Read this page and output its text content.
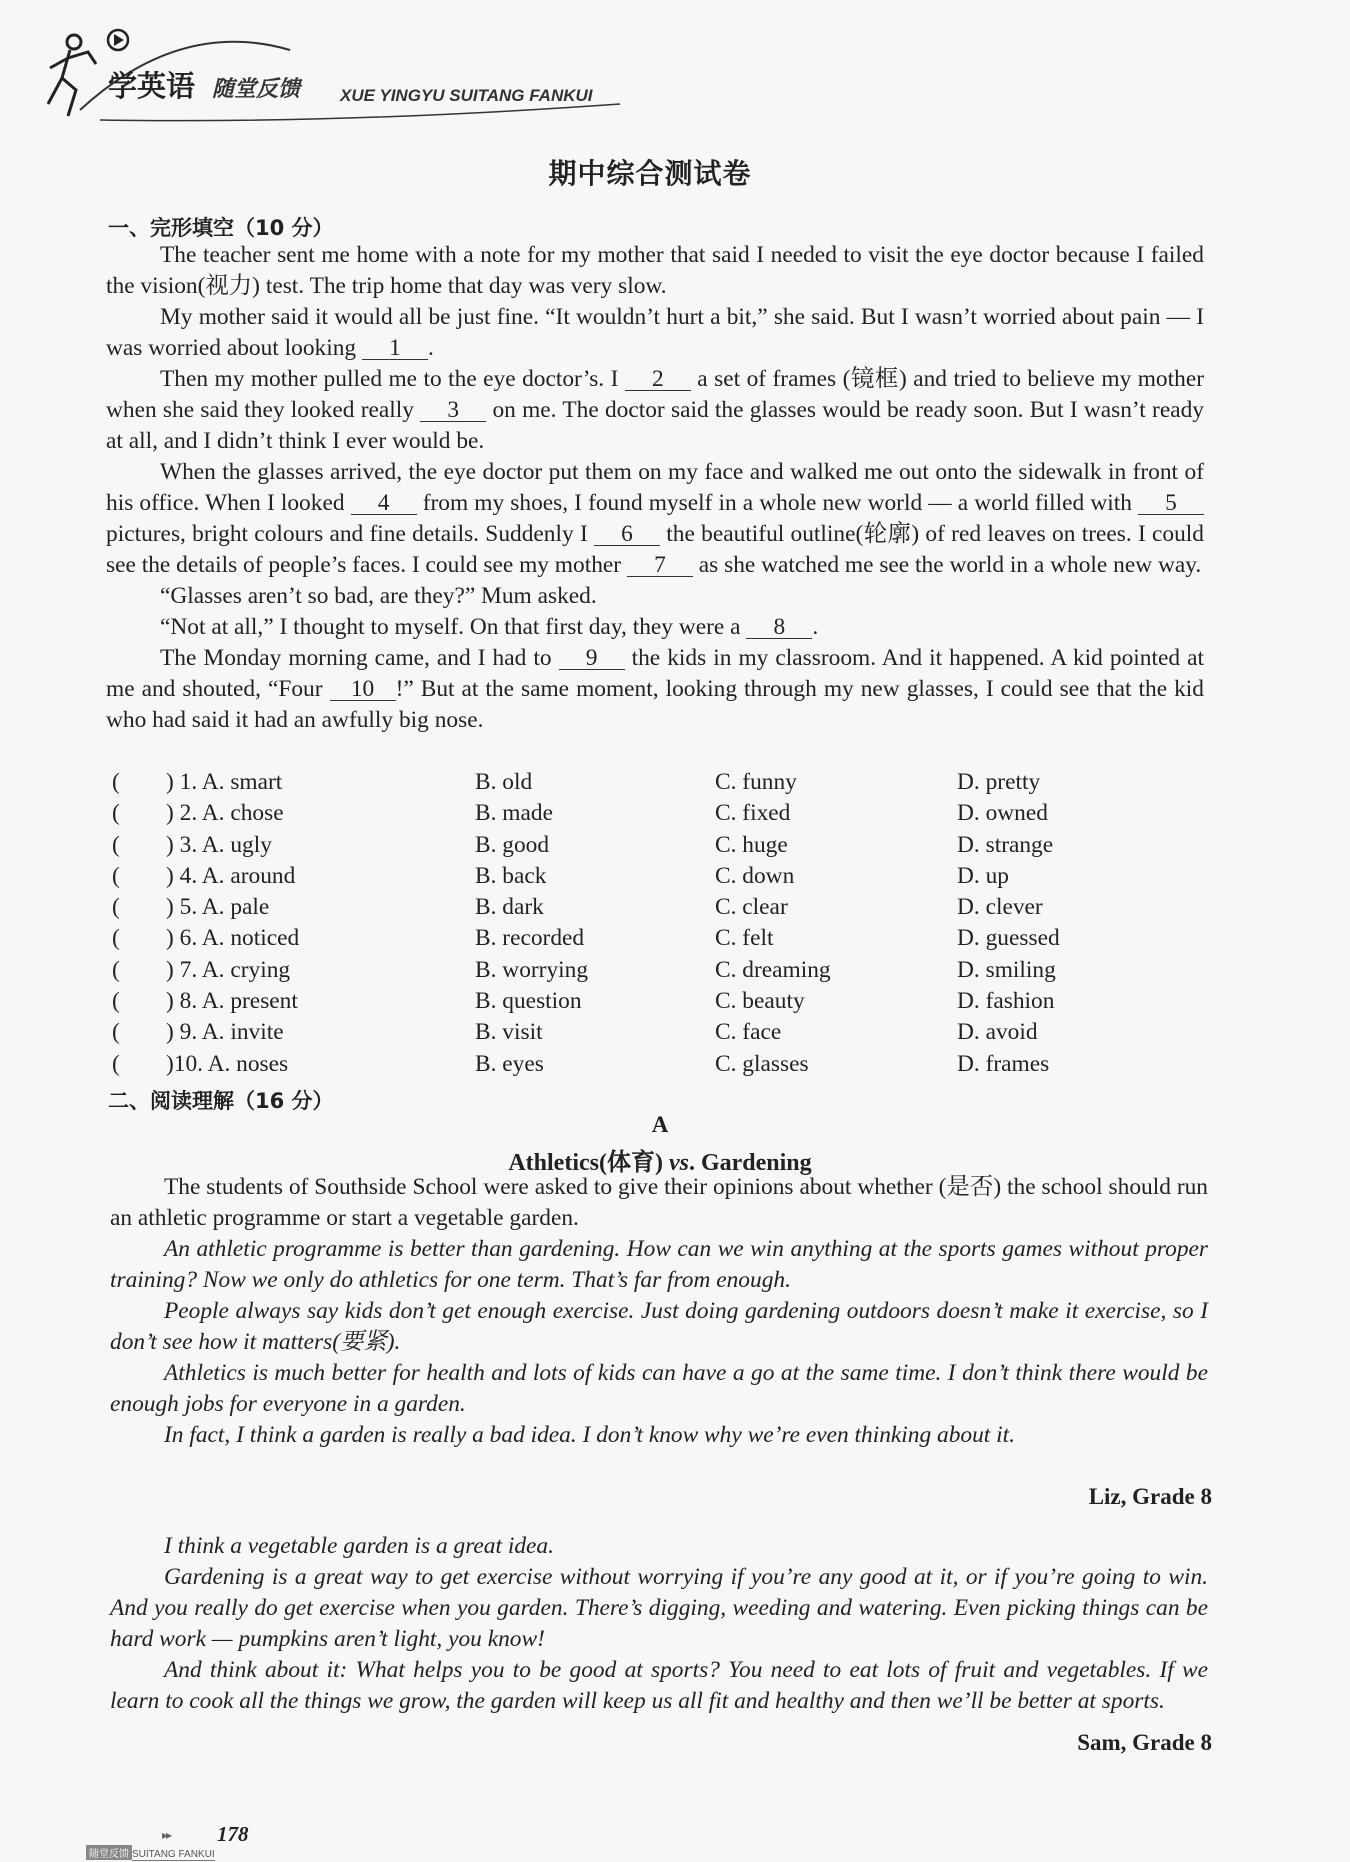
学英语 随堂反馈 XUE YINGYU SUITANG FANKUI
期中综合测试卷
一、完形填空（10 分）

The teacher sent me home with a note for my mother that said I needed to visit the eye doctor because I failed the vision(视力) test. The trip home that day was very slow.

My mother said it would all be just fine. “It wouldn’t hurt a bit,” she said. But I wasn’t worried about pain — I was worried about looking 1 .

Then my mother pulled me to the eye doctor’s. I 2 a set of frames (镜框) and tried to believe my mother when she said they looked really 3 on me. The doctor said the glasses would be ready soon. But I wasn’t ready at all, and I didn’t think I ever would be.

When the glasses arrived, the eye doctor put them on my face and walked me out onto the sidewalk in front of his office. When I looked 4 from my shoes, I found myself in a whole new world — a world filled with 5 pictures, bright colours and fine details. Suddenly I 6 the beautiful outline(轮廓) of red leaves on trees. I could see the details of people’s faces. I could see my mother 7 as she watched me see the world in a whole new way.

“Glasses aren’t so bad, are they?” Mum asked.

“Not at all,” I thought to myself. On that first day, they were a 8 .

The Monday morning came, and I had to 9 the kids in my classroom. And it happened. A kid pointed at me and shouted, “Four 10 !” But at the same moment, looking through my new glasses, I could see that the kid who had said it had an awfully big nose.

( ) 1. A. smart	B. old	C. funny	D. pretty
( ) 2. A. chose	B. made	C. fixed	D. owned
( ) 3. A. ugly	B. good	C. huge	D. strange
( ) 4. A. around	B. back	C. down	D. up
( ) 5. A. pale	B. dark	C. clear	D. clever
( ) 6. A. noticed	B. recorded	C. felt	D. guessed
( ) 7. A. crying	B. worrying	C. dreaming	D. smiling
( ) 8. A. present	B. question	C. beauty	D. fashion
( ) 9. A. invite	B. visit	C. face	D. avoid
( )10. A. noses	B. eyes	C. glasses	D. frames
二、阅读理解（16 分）
A
Athletics(体育) vs. Gardening

The students of Southside School were asked to give their opinions about whether (是否) the school should run an athletic programme or start a vegetable garden.

An athletic programme is better than gardening. How can we win anything at the sports games without proper training? Now we only do athletics for one term. That’s far from enough.

People always say kids don’t get enough exercise. Just doing gardening outdoors doesn’t make it exercise, so I don’t see how it matters(要紧).

Athletics is much better for health and lots of kids can have a go at the same time. I don’t think there would be enough jobs for everyone in a garden.

In fact, I think a garden is really a bad idea. I don’t know why we’re even thinking about it.

Liz, Grade 8

I think a vegetable garden is a great idea.

Gardening is a great way to get exercise without worrying if you’re any good at it, or if you’re going to win. And you really do get exercise when you garden. There’s digging, weeding and watering. Even picking things can be hard work — pumpkins aren’t light, you know!

And think about it: What helps you to be good at sports? You need to eat lots of fruit and vegetables. If we learn to cook all the things we grow, the garden will keep us all fit and healthy and then we’ll be better at sports.

Sam, Grade 8
▸▸ 178
随堂反馈 SUITANG FANKUI
